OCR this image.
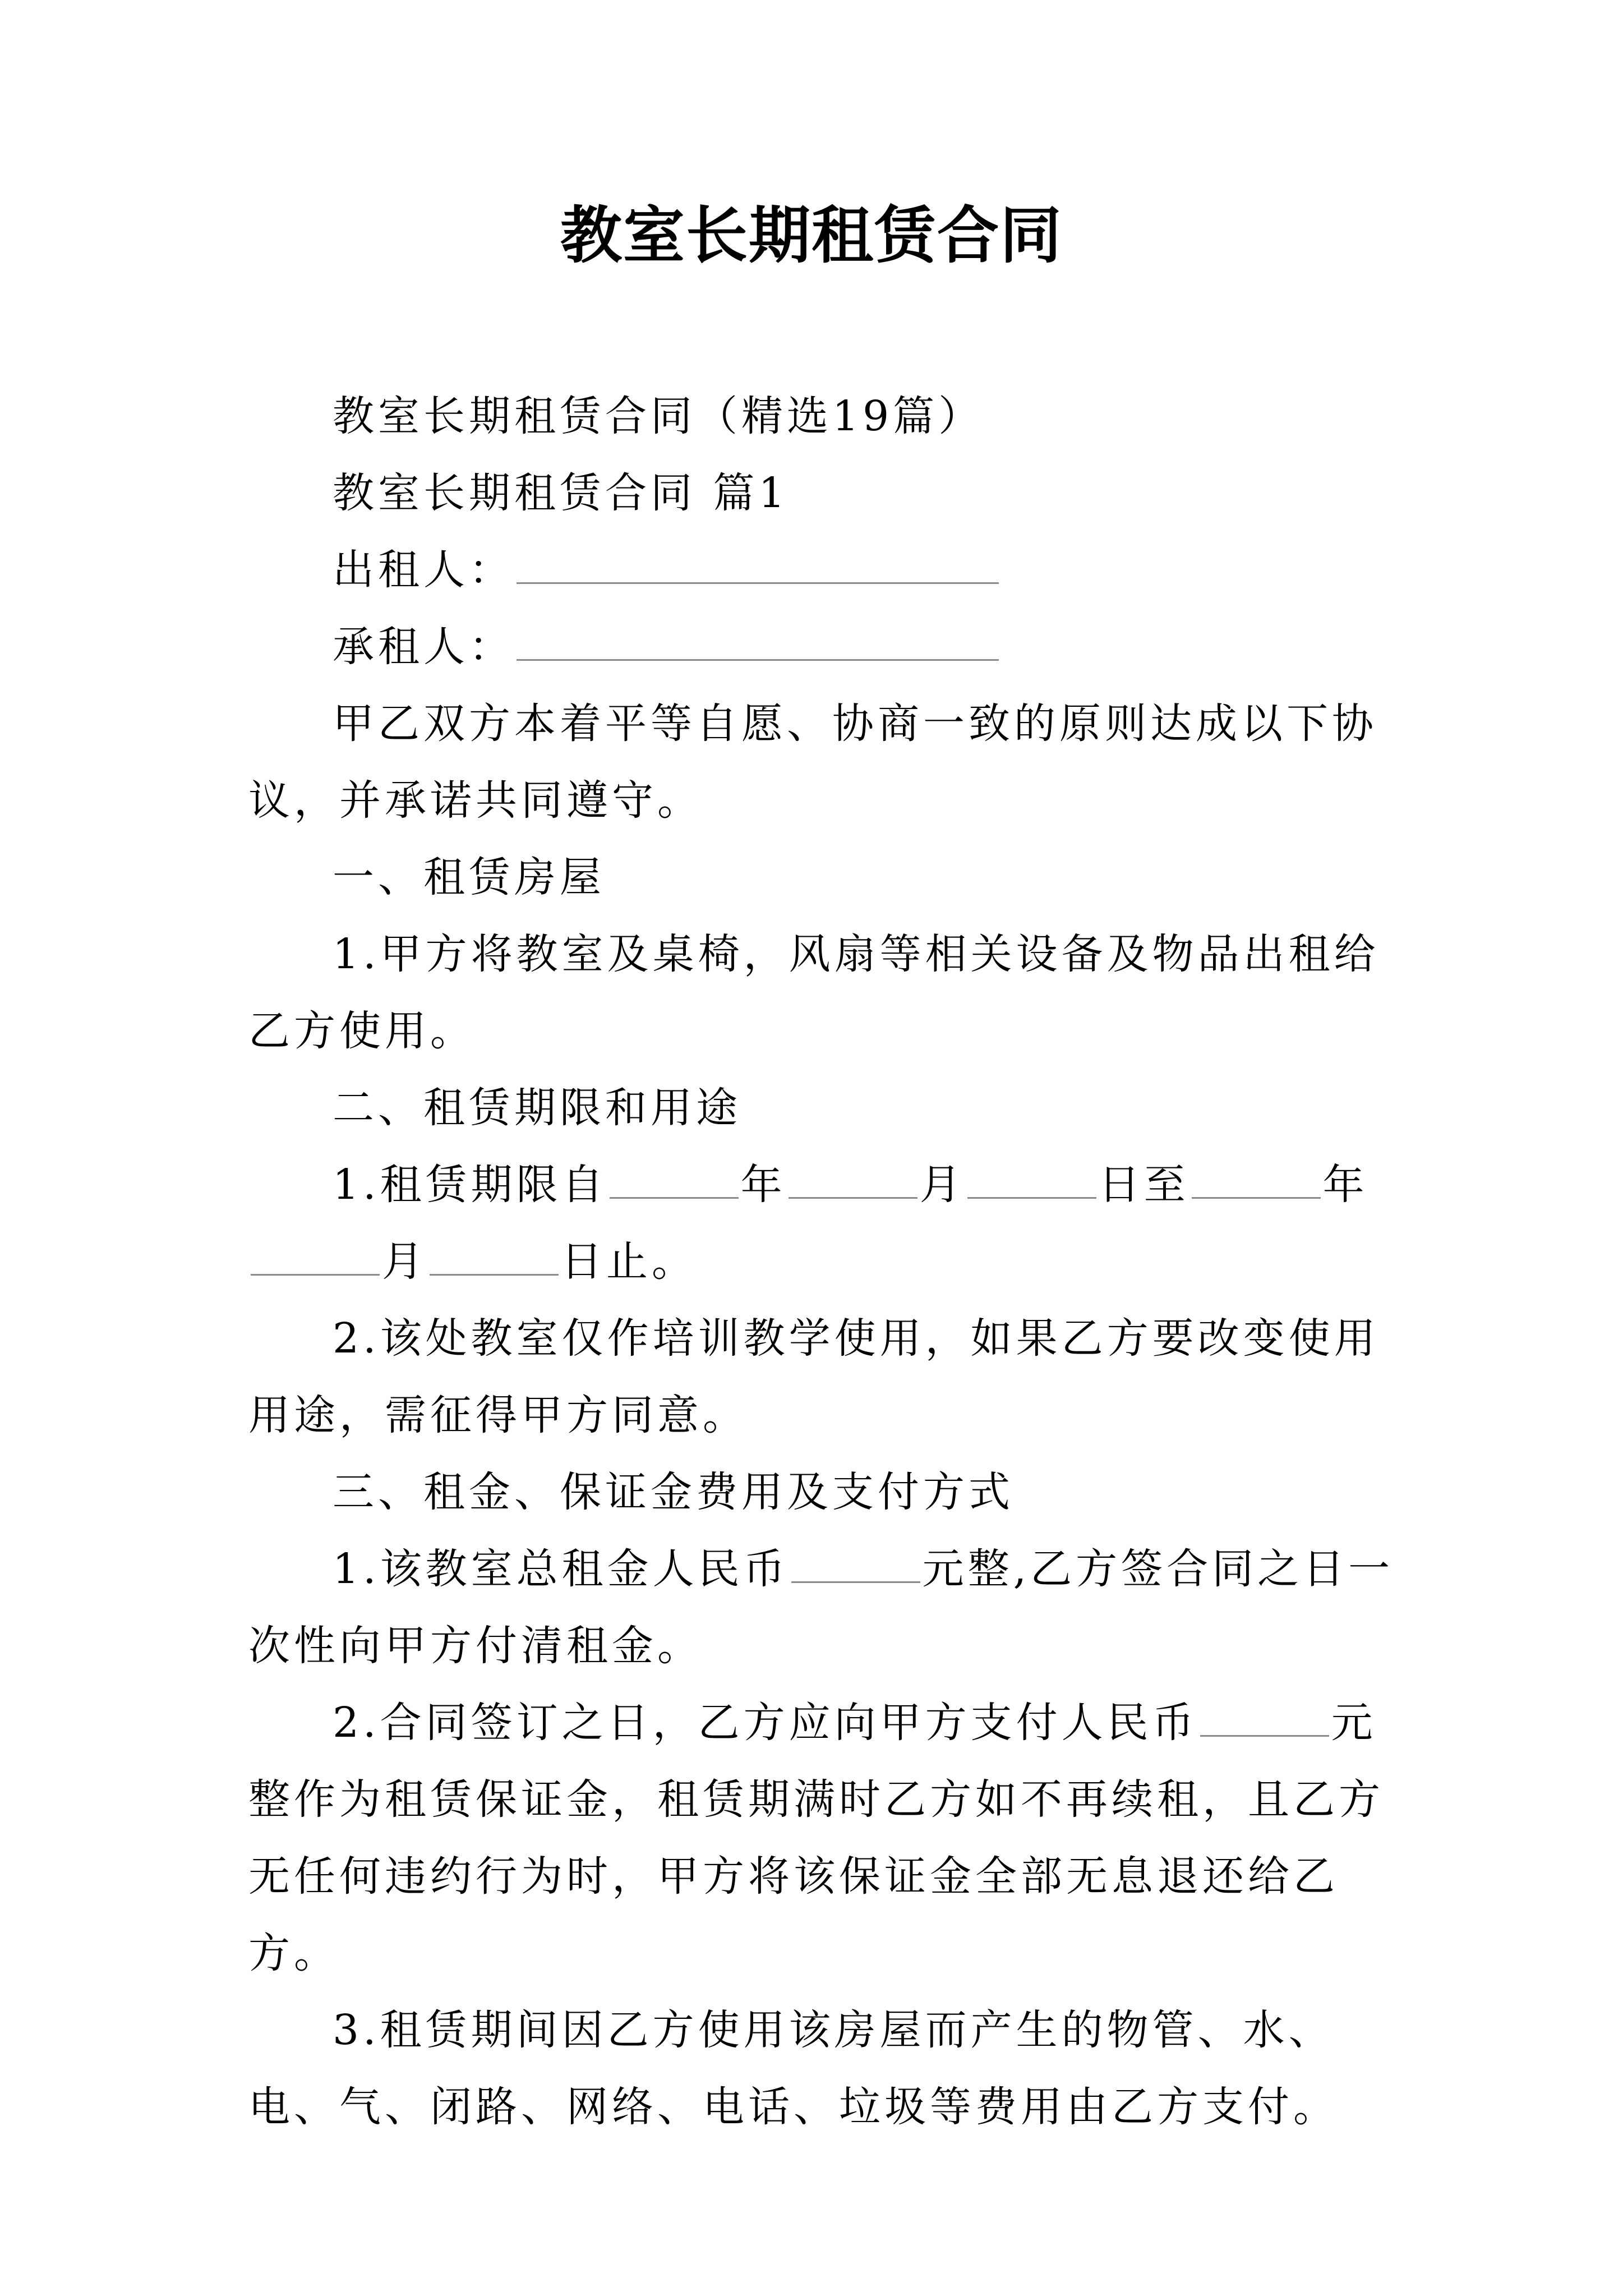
教室长期租赁合同

教室长期租赁合同（精选19篇）

教室长期租赁合同 篇1

出租人：

承租人：

甲乙双方本着平等自愿、协商一致的原则达成以下协议，并承诺共同遵守。

一、租赁房屋

1.甲方将教室及桌椅，风扇等相关设备及物品出租给乙方使用。

二、租赁期限和用途

1.租赁期限自	年	月	日至	年月	日止。

2.该处教室仅作培训教学使用，如果乙方要改变使用用途，需征得甲方同意。

三、租金、保证金费用及支付方式

1.该教室总租金人民币	元整,乙方签合同之日一次性向甲方付清租金。

2.合同签订之日，乙方应向甲方支付人民币	元整作为租赁保证金，租赁期满时乙方如不再续租，且乙方无任何违约行为时，甲方将该保证金全部无息退还给乙方。

3.租赁期间因乙方使用该房屋而产生的物管、水、电、气、闭路、网络、电话、垃圾等费用由乙方支付。
